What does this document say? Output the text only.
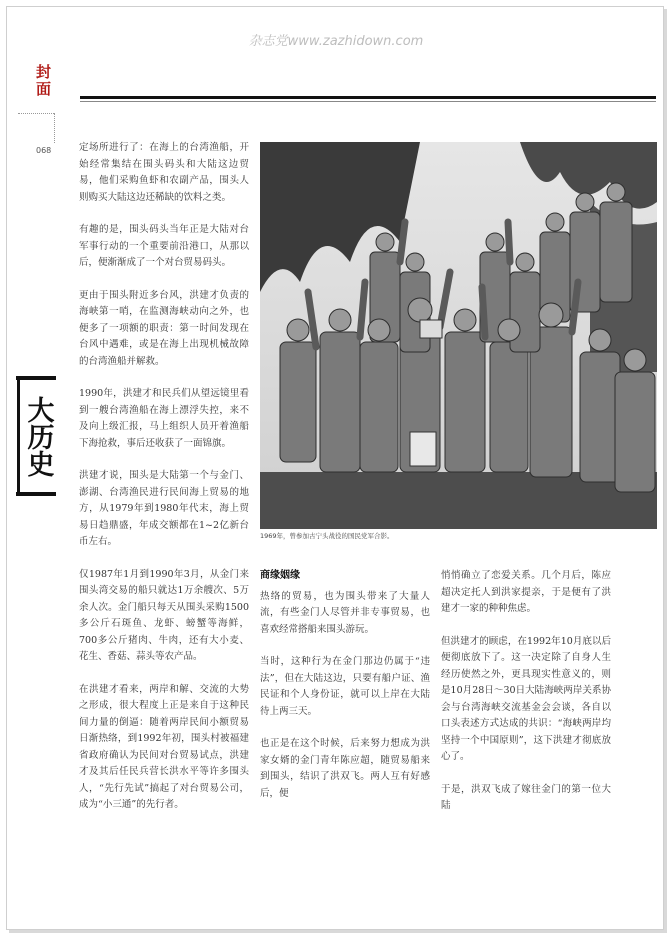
杂志党www.zazhidown.com
封面
068
大历史

定场所进行了：在海上的台湾渔船，开始经常集结在围头码头和大陆这边贸易，他们采购鱼虾和农副产品，围头人则购买大陆这边还稀缺的饮料之类。

有趣的是，围头码头当年正是大陆对台军事行动的一个重要前沿港口，从那以后，便渐渐成了一个对台贸易码头。

更由于围头附近多台风，洪建才负责的海峡第一哨，在监测海峡动向之外，也便多了一项额的职责：第一时间发现在台风中遇难，或是在海上出现机械故障的台湾渔船并解救。

1990年，洪建才和民兵们从望远镜里看到一艘台湾渔船在海上漂浮失控，来不及向上级汇报，马上组织人员开着渔船下海抢救，事后还收获了一面锦旗。

洪建才说，围头是大陆第一个与金门、澎湖、台湾渔民进行民间海上贸易的地方，从1979年到1980年代末，海上贸易日趋鼎盛，年成交额都在1~2亿新台币左右。

仅1987年1月到1990年3月，从金门来围头湾交易的船只就达1万余艘次、5万余人次。金门船只每天从围头采购1500多公斤石斑鱼、龙虾、螃蟹等海鲜，700多公斤猪肉、牛肉，还有大小麦、花生、香菇、蒜头等农产品。

在洪建才看来，两岸和解、交流的大势之形成，很大程度上正是来自于这种民间力量的倒逼：随着两岸民间小额贸易日渐热络，到1992年初，围头村被福建省政府确认为民间对台贸易试点，洪建才及其后任民兵营长洪水平等许多围头人，“先行先试”搞起了对台贸易公司，成为“小三通”的先行者。

1969年，曾参加古宁头战役的国民党军合影。
商缘姻缘

热络的贸易，也为围头带来了大量人流，有些金门人尽管并非专事贸易，也喜欢经常搭船来围头游玩。

当时，这种行为在金门那边仍属于“违法”，但在大陆这边，只要有船户证、渔民证和个人身份证，就可以上岸在大陆待上两三天。

也正是在这个时候，后来努力想成为洪家女婿的金门青年陈应超，随贸易船来到围头，结识了洪双飞。两人互有好感后，便

悄悄确立了恋爱关系。几个月后，陈应超决定托人到洪家提亲，于是便有了洪建才一家的种种焦虑。

但洪建才的顾虑，在1992年10月底以后便彻底放下了。这一决定除了自身人生经历使然之外，更具现实性意义的，则是10月28日～30日大陆海峡两岸关系协会与台湾海峡交流基金会会谈，各自以口头表述方式达成的共识：“海峡两岸均坚持一个中国原则”，这下洪建才彻底放心了。

于是，洪双飞成了嫁往金门的第一位大陆
